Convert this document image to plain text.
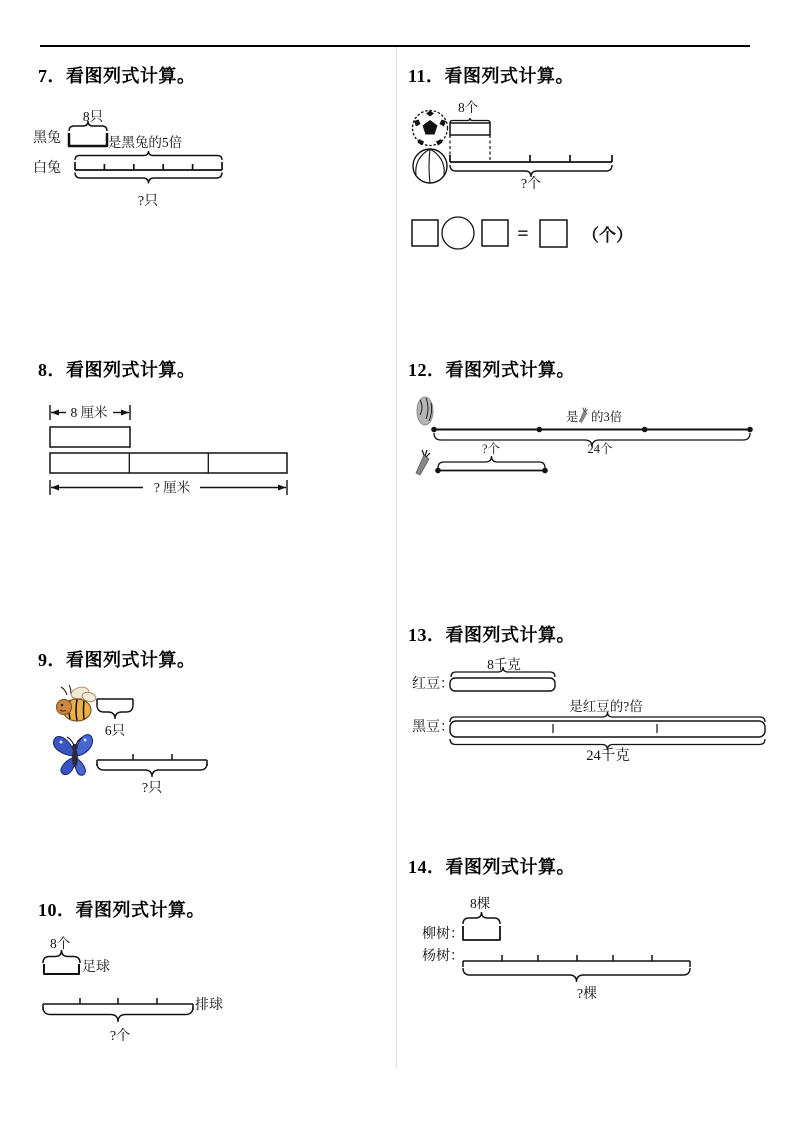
7．看图列式计算。
8只
黑兔	是黑兔的5倍
白兔
?只
8．看图列式计算。
8 厘米
? 厘米
9．看图列式计算。
6只
?只
10．看图列式计算。
8个
足球
排球
?个
11．看图列式计算。
8个
?个
=	（个）
12．看图列式计算。
是 的3倍
24个
?个
13．看图列式计算。
8千克
红豆：
是红豆的?倍
黑豆：
24千克
14．看图列式计算。
8棵
柳树：
杨树：
?棵
